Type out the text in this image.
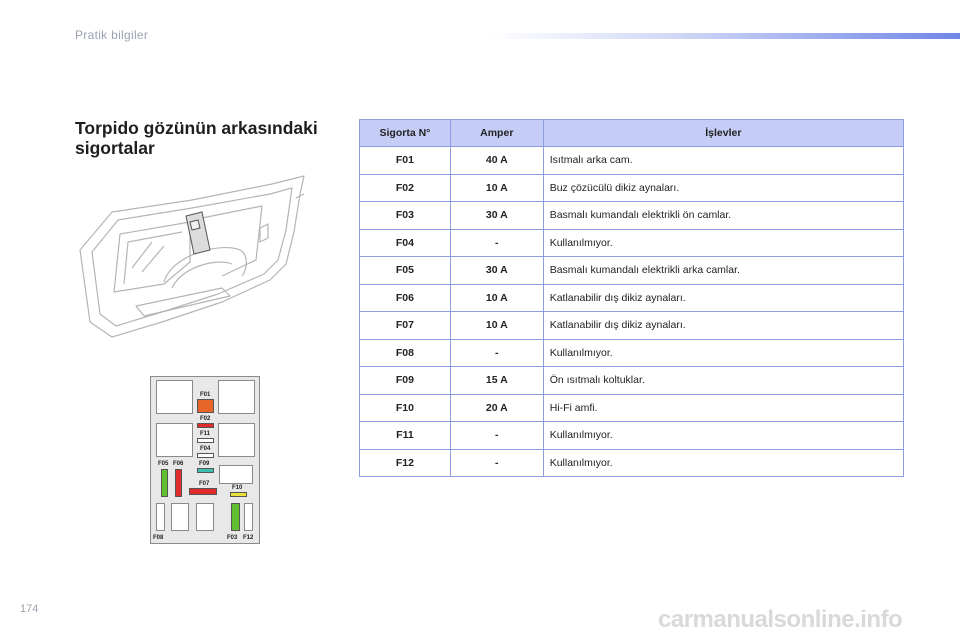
Pratik bilgiler
Torpido gözünün arkasındaki sigortalar
F01
F02
F11
F04
F05 F06	F09
F07
F10
F08	F03 F12
Sigorta N°	Amper	İşlevler
F01	40 A	Isıtmalı arka cam.
F02	10 A	Buz çözücülü dikiz aynaları.
F03	30 A	Basmalı kumandalı elektrikli ön camlar.
F04	-	Kullanılmıyor.
F05	30 A	Basmalı kumandalı elektrikli arka camlar.
F06	10 A	Katlanabilir dış dikiz aynaları.
F07	10 A	Katlanabilir dış dikiz aynaları.
F08	-	Kullanılmıyor.
F09	15 A	Ön ısıtmalı koltuklar.
F10	20 A	Hi-Fi amfi.
F11	-	Kullanılmıyor.
F12	-	Kullanılmıyor.
174	carmanualsonline.info
